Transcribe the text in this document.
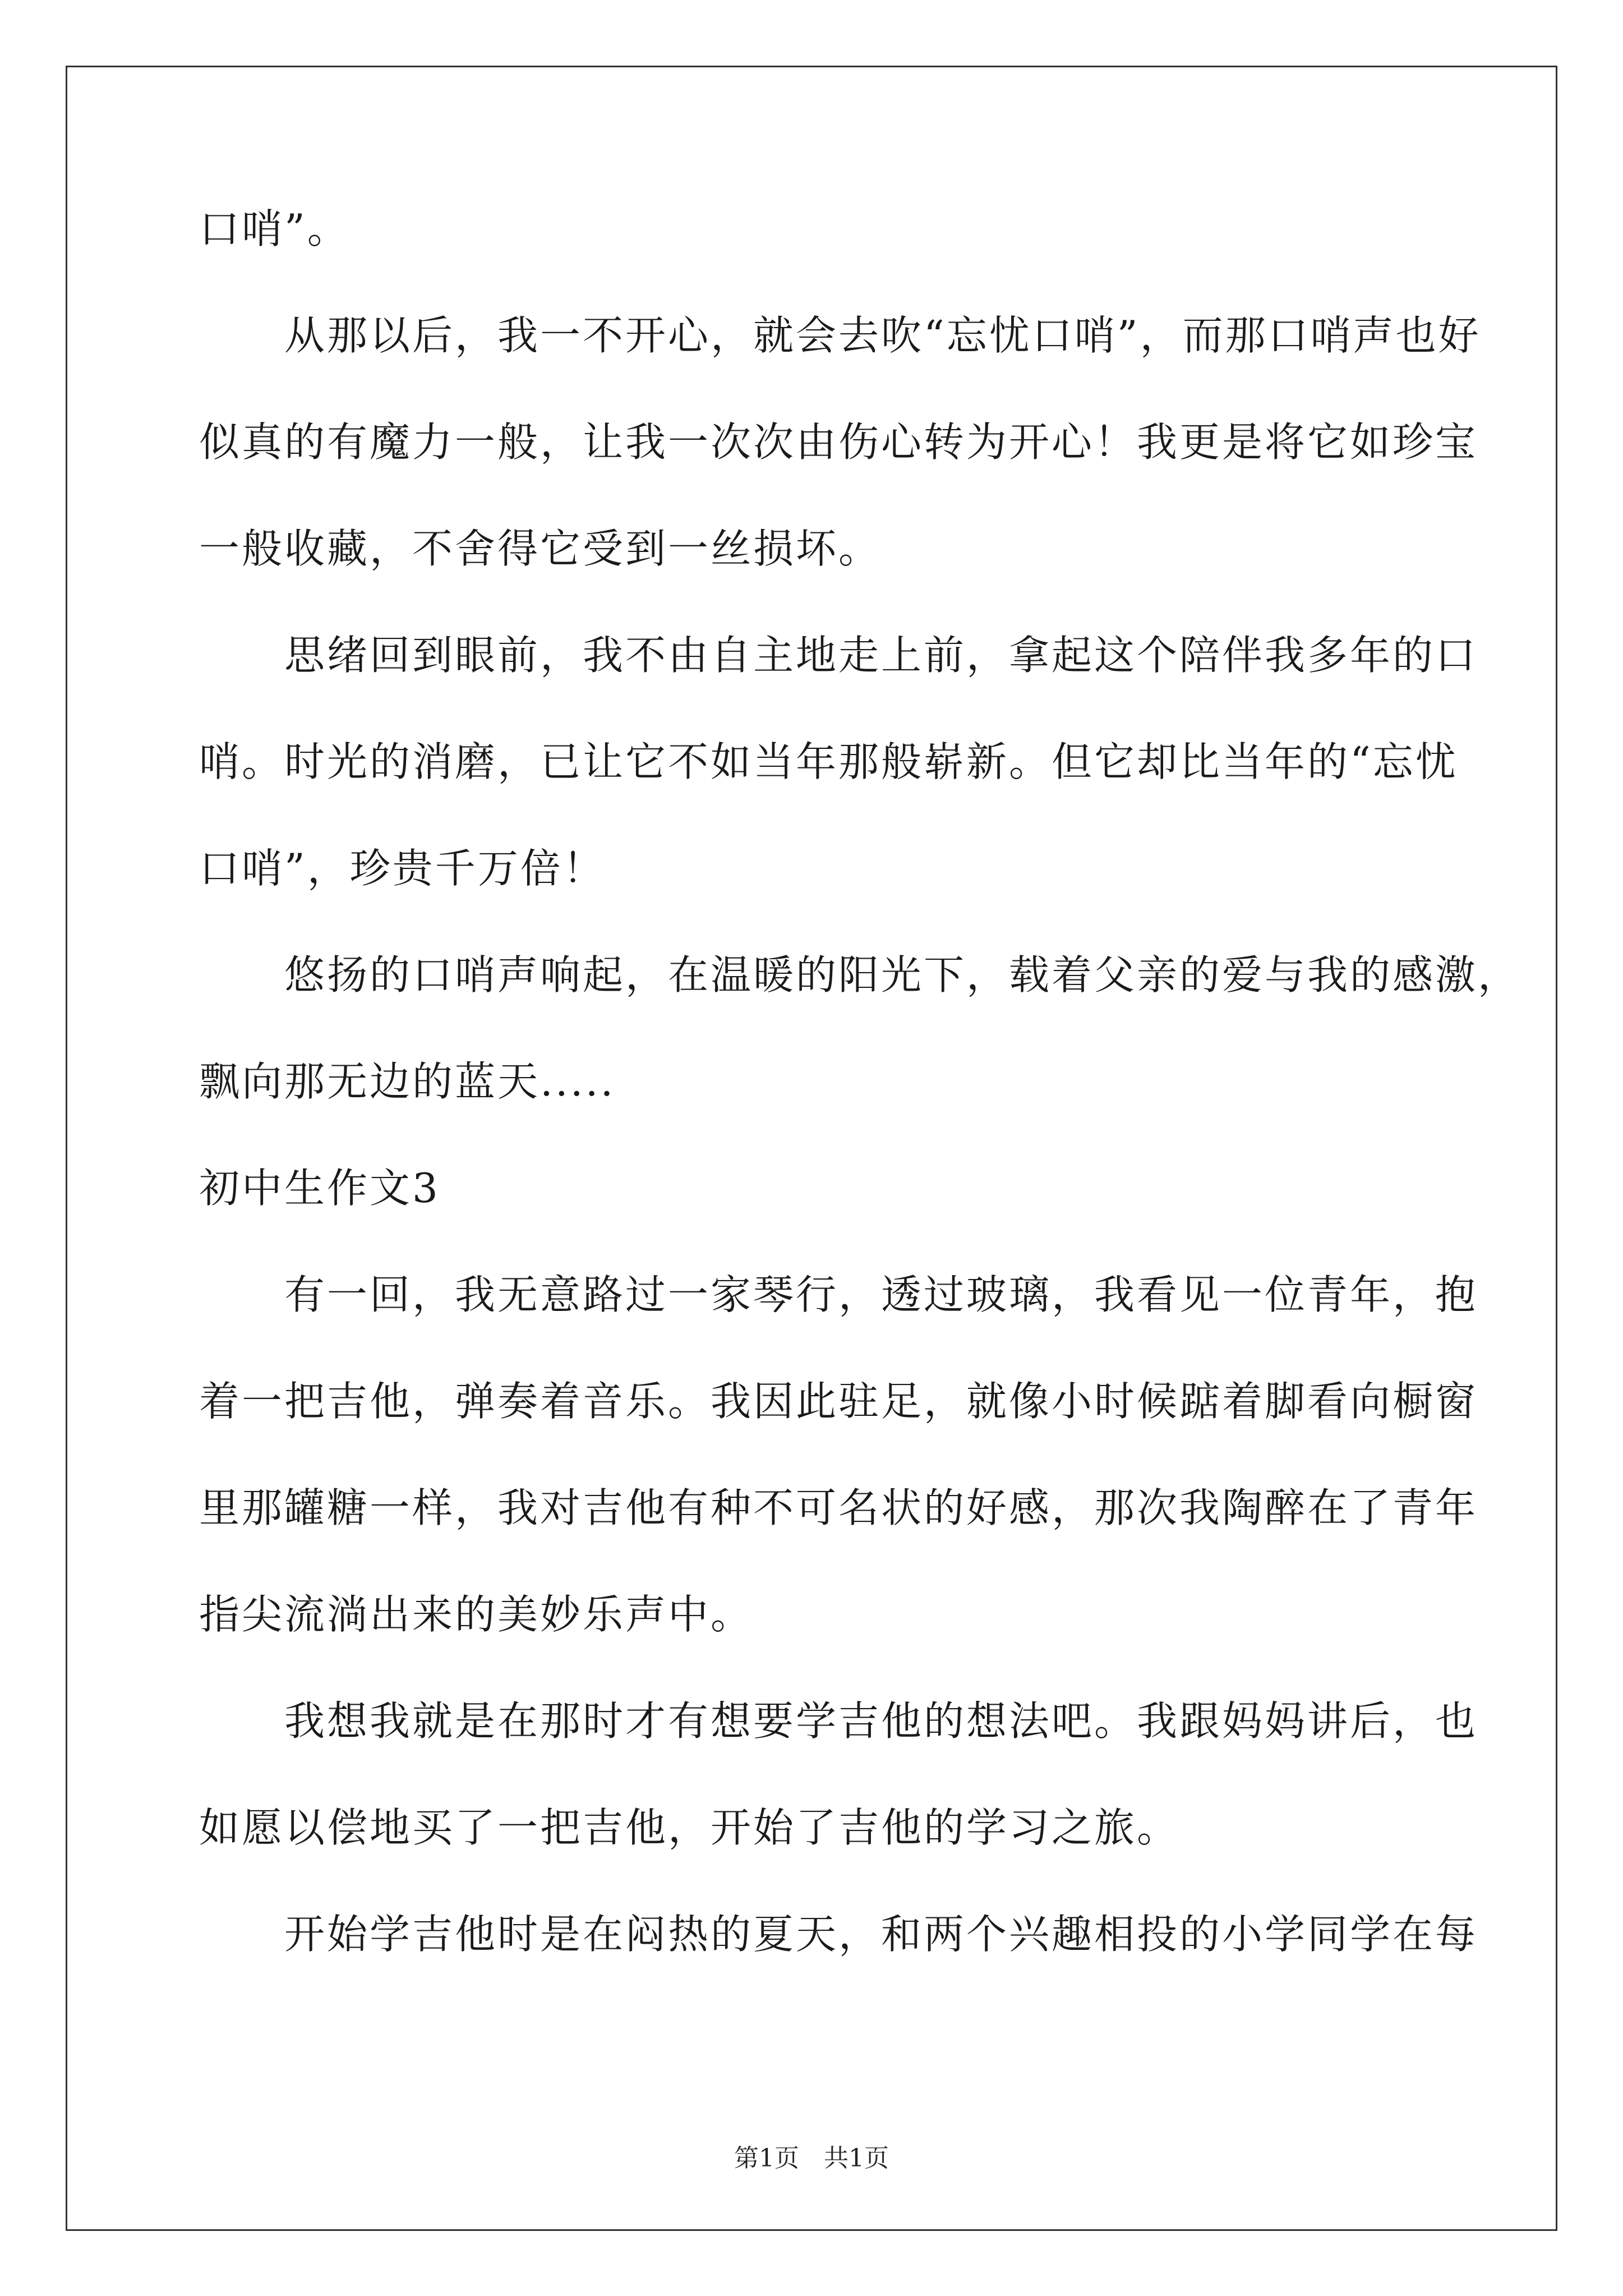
口哨”。
　　从那以后，我一不开心，就会去吹“忘忧口哨”，而那口哨声也好
似真的有魔力一般，让我一次次由伤心转为开心！我更是将它如珍宝
一般收藏，不舍得它受到一丝损坏。
　　思绪回到眼前，我不由自主地走上前，拿起这个陪伴我多年的口
哨。时光的消磨，已让它不如当年那般崭新。但它却比当年的“忘忧
口哨”，珍贵千万倍！
　　悠扬的口哨声响起，在温暖的阳光下，载着父亲的爱与我的感激，
飘向那无边的蓝天.....
初中生作文3
　　有一回，我无意路过一家琴行，透过玻璃，我看见一位青年，抱
着一把吉他，弹奏着音乐。我因此驻足，就像小时候踮着脚看向橱窗
里那罐糖一样，我对吉他有种不可名状的好感，那次我陶醉在了青年
指尖流淌出来的美妙乐声中。
　　我想我就是在那时才有想要学吉他的想法吧。我跟妈妈讲后，也
如愿以偿地买了一把吉他，开始了吉他的学习之旅。
　　开始学吉他时是在闷热的夏天，和两个兴趣相投的小学同学在每
第1页　共1页
